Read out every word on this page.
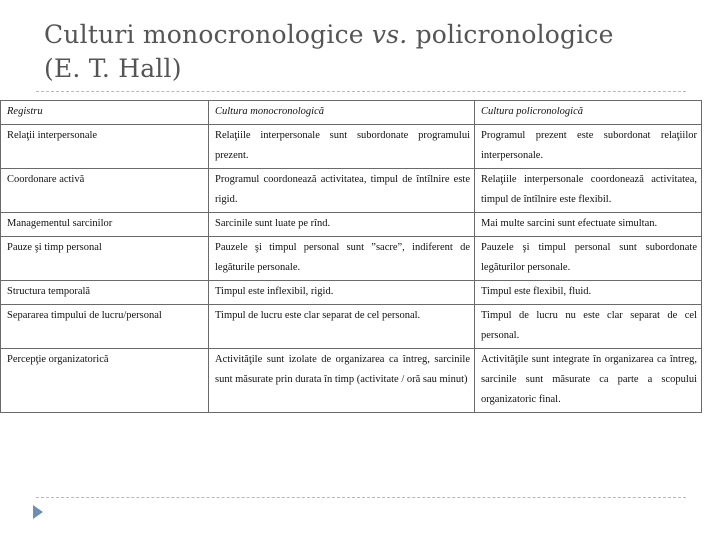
Culturi monocronologice vs. policronologice
(E. T. Hall)
Registru	Cultura monocronologică	Cultura policronologică
Relaţii interpersonale	Relaţiile interpersonale sunt subordonate programului prezent.	Programul prezent este subordonat relaţiilor interpersonale.
Coordonare activă	Programul coordonează activitatea, timpul de întîlnire este rigid.	Relaţiile interpersonale coordonează activitatea, timpul de întîlnire este flexibil.
Managementul sarcinilor	Sarcinile sunt luate pe rînd.	Mai multe sarcini sunt efectuate simultan.
Pauze şi timp personal	Pauzele şi timpul personal sunt ”sacre”, indiferent de legăturile personale.	Pauzele şi timpul personal sunt subordonate legăturilor personale.
Structura temporală	Timpul este inflexibil, rigid.	Timpul este flexibil, fluid.
Separarea timpului de lucru/personal	Timpul de lucru este clar separat de cel personal.	Timpul de lucru nu este clar separat de cel personal.
Percepţie organizatorică	Activităţile sunt izolate de organizarea ca întreg, sarcinile sunt măsurate prin durata în timp (activitate / oră sau minut)	Activităţile sunt integrate în organizarea ca întreg, sarcinile sunt măsurate ca parte a scopului organizatoric final.
